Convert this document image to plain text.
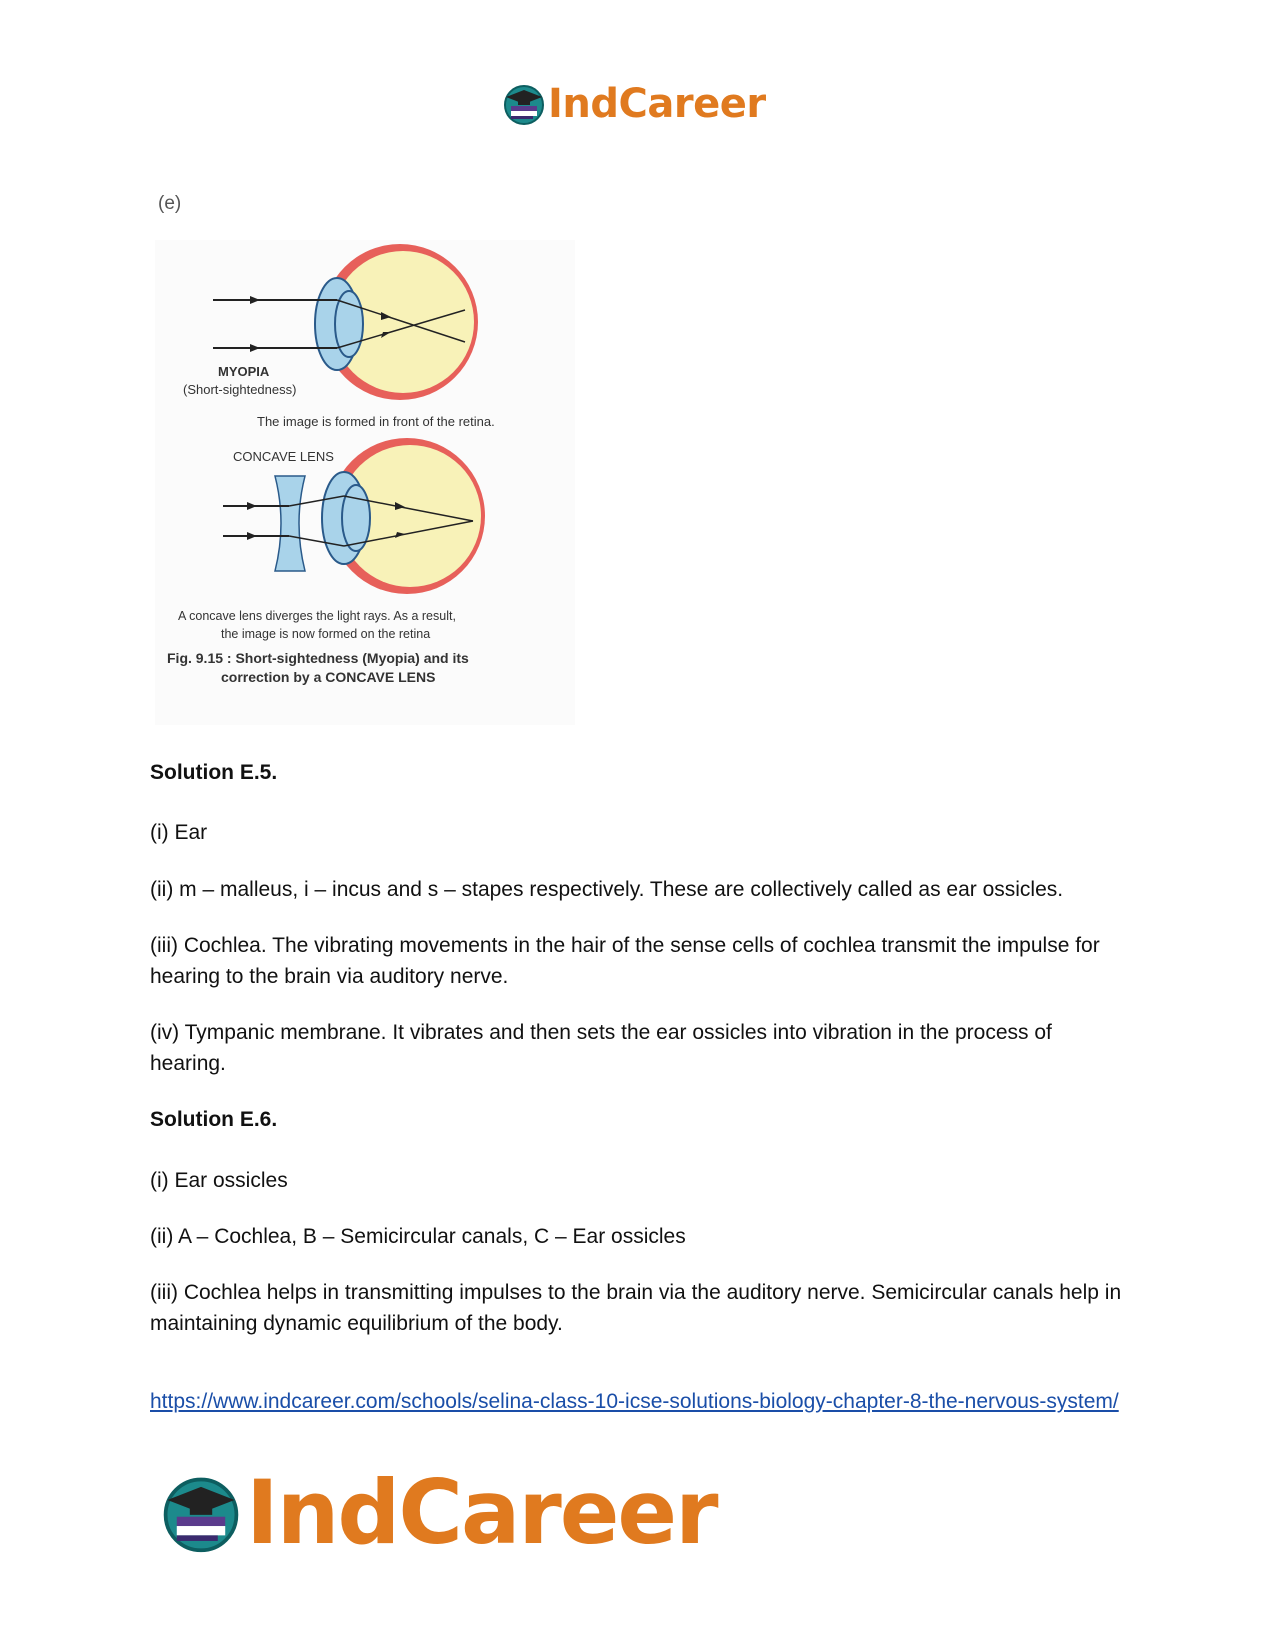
IndCareer
(e)
MYOPIA
(Short-sightedness)
The image is formed in front of the retina.
CONCAVE LENS
A concave lens diverges the light rays. As a result,
the image is now formed on the retina
Fig. 9.15 : Short-sightedness (Myopia) and its
correction by a CONCAVE LENS

Solution E.5.

(i) Ear

(ii) m – malleus, i – incus and s – stapes respectively. These are collectively called as ear ossicles.

(iii) Cochlea. The vibrating movements in the hair of the sense cells of cochlea transmit the impulse for hearing to the brain via auditory nerve.

(iv) Tympanic membrane. It vibrates and then sets the ear ossicles into vibration in the process of hearing.

Solution E.6.

(i) Ear ossicles

(ii) A – Cochlea, B – Semicircular canals, C – Ear ossicles

(iii) Cochlea helps in transmitting impulses to the brain via the auditory nerve. Semicircular canals help in maintaining dynamic equilibrium of the body.

https://www.indcareer.com/schools/selina-class-10-icse-solutions-biology-chapter-8-the-nervous-system/
IndCareer
